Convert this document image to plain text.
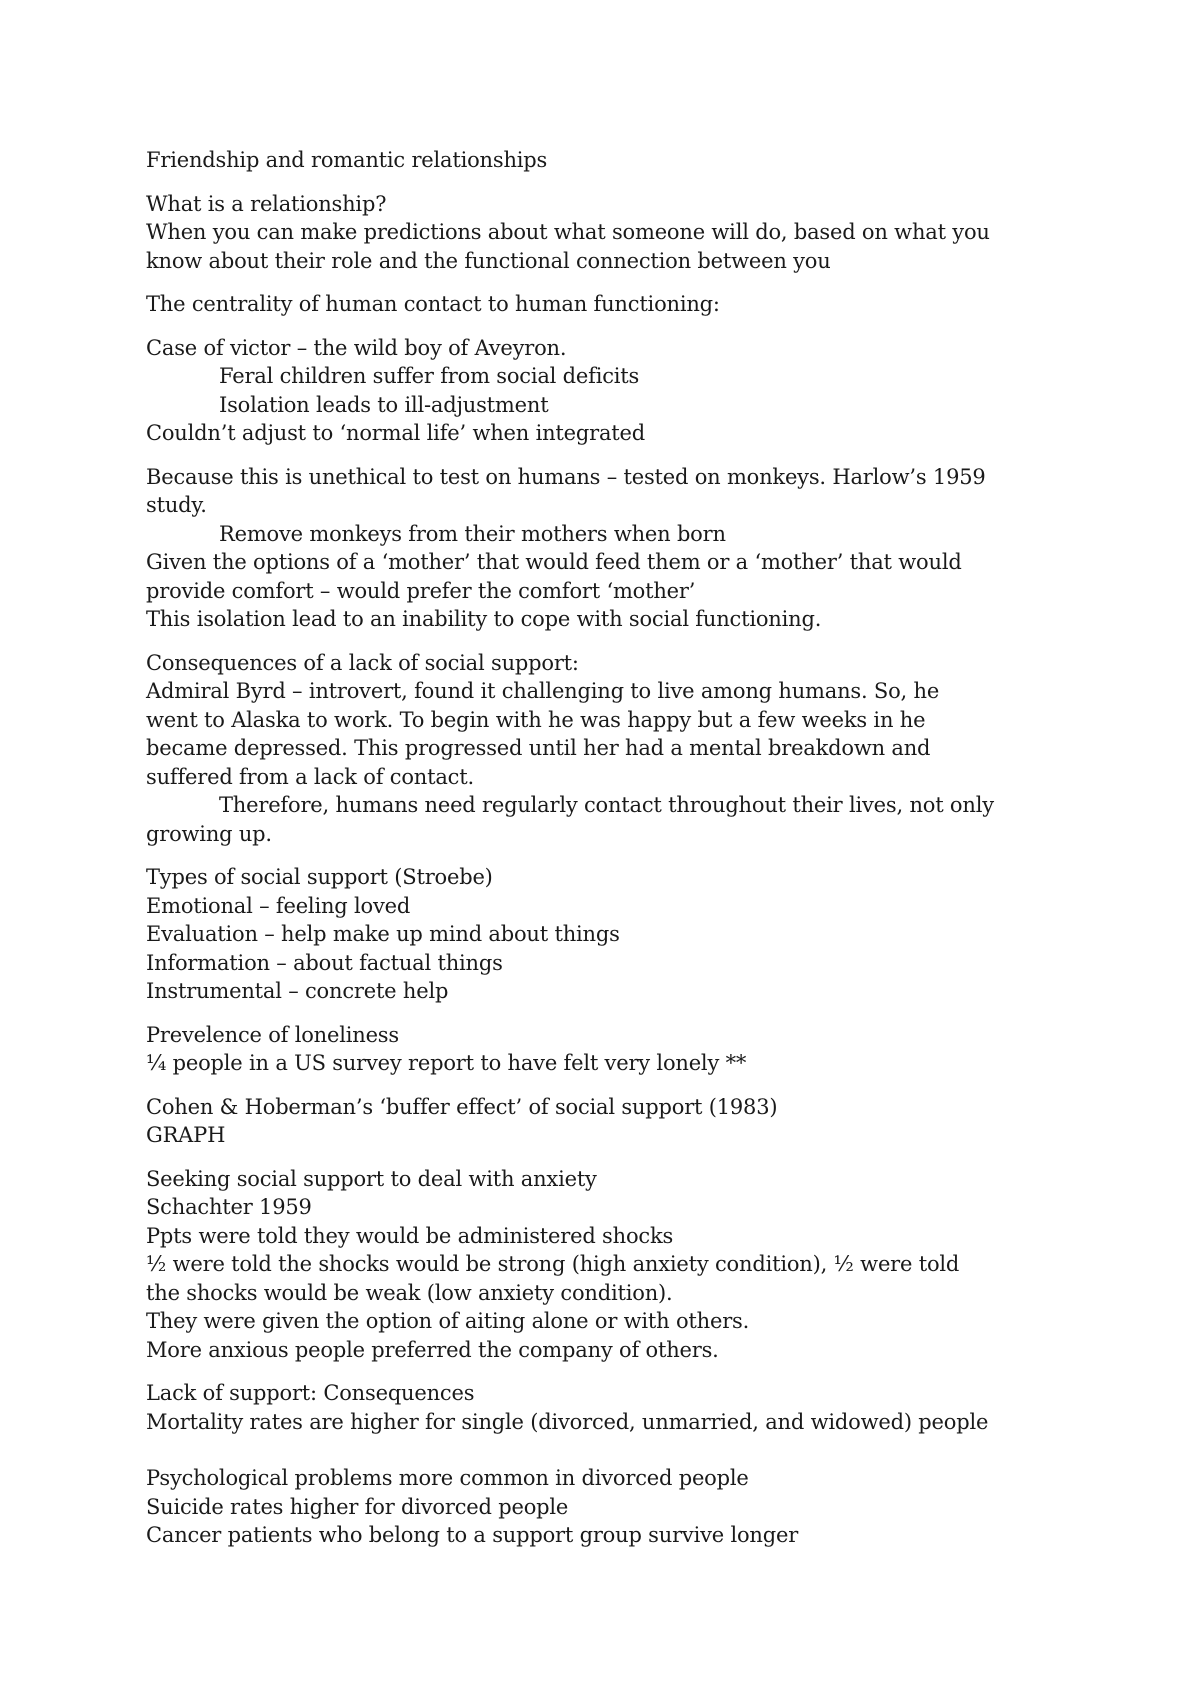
Friendship and romantic relationships
What is a relationship?
When you can make predictions about what someone will do, based on what you
know about their role and the functional connection between you
The centrality of human contact to human functioning:
Case of victor – the wild boy of Aveyron.
Feral children suffer from social deficits
Isolation leads to ill-adjustment
Couldn’t adjust to ‘normal life’ when integrated
Because this is unethical to test on humans – tested on monkeys. Harlow’s 1959
study.
Remove monkeys from their mothers when born
Given the options of a ‘mother’ that would feed them or a ‘mother’ that would
provide comfort – would prefer the comfort ‘mother’
This isolation lead to an inability to cope with social functioning.
Consequences of a lack of social support:
Admiral Byrd – introvert, found it challenging to live among humans. So, he
went to Alaska to work. To begin with he was happy but a few weeks in he
became depressed. This progressed until her had a mental breakdown and
suffered from a lack of contact.
Therefore, humans need regularly contact throughout their lives, not only
growing up.
Types of social support (Stroebe)
Emotional – feeling loved
Evaluation – help make up mind about things
Information – about factual things
Instrumental – concrete help
Prevelence of loneliness
¼ people in a US survey report to have felt very lonely **
Cohen & Hoberman’s ‘buffer effect’ of social support (1983)
GRAPH
Seeking social support to deal with anxiety
Schachter 1959
Ppts were told they would be administered shocks
½ were told the shocks would be strong (high anxiety condition), ½ were told
the shocks would be weak (low anxiety condition).
They were given the option of aiting alone or with others.
More anxious people preferred the company of others.
Lack of support: Consequences
Mortality rates are higher for single (divorced, unmarried, and widowed) people
Psychological problems more common in divorced people
Suicide rates higher for divorced people
Cancer patients who belong to a support group survive longer
